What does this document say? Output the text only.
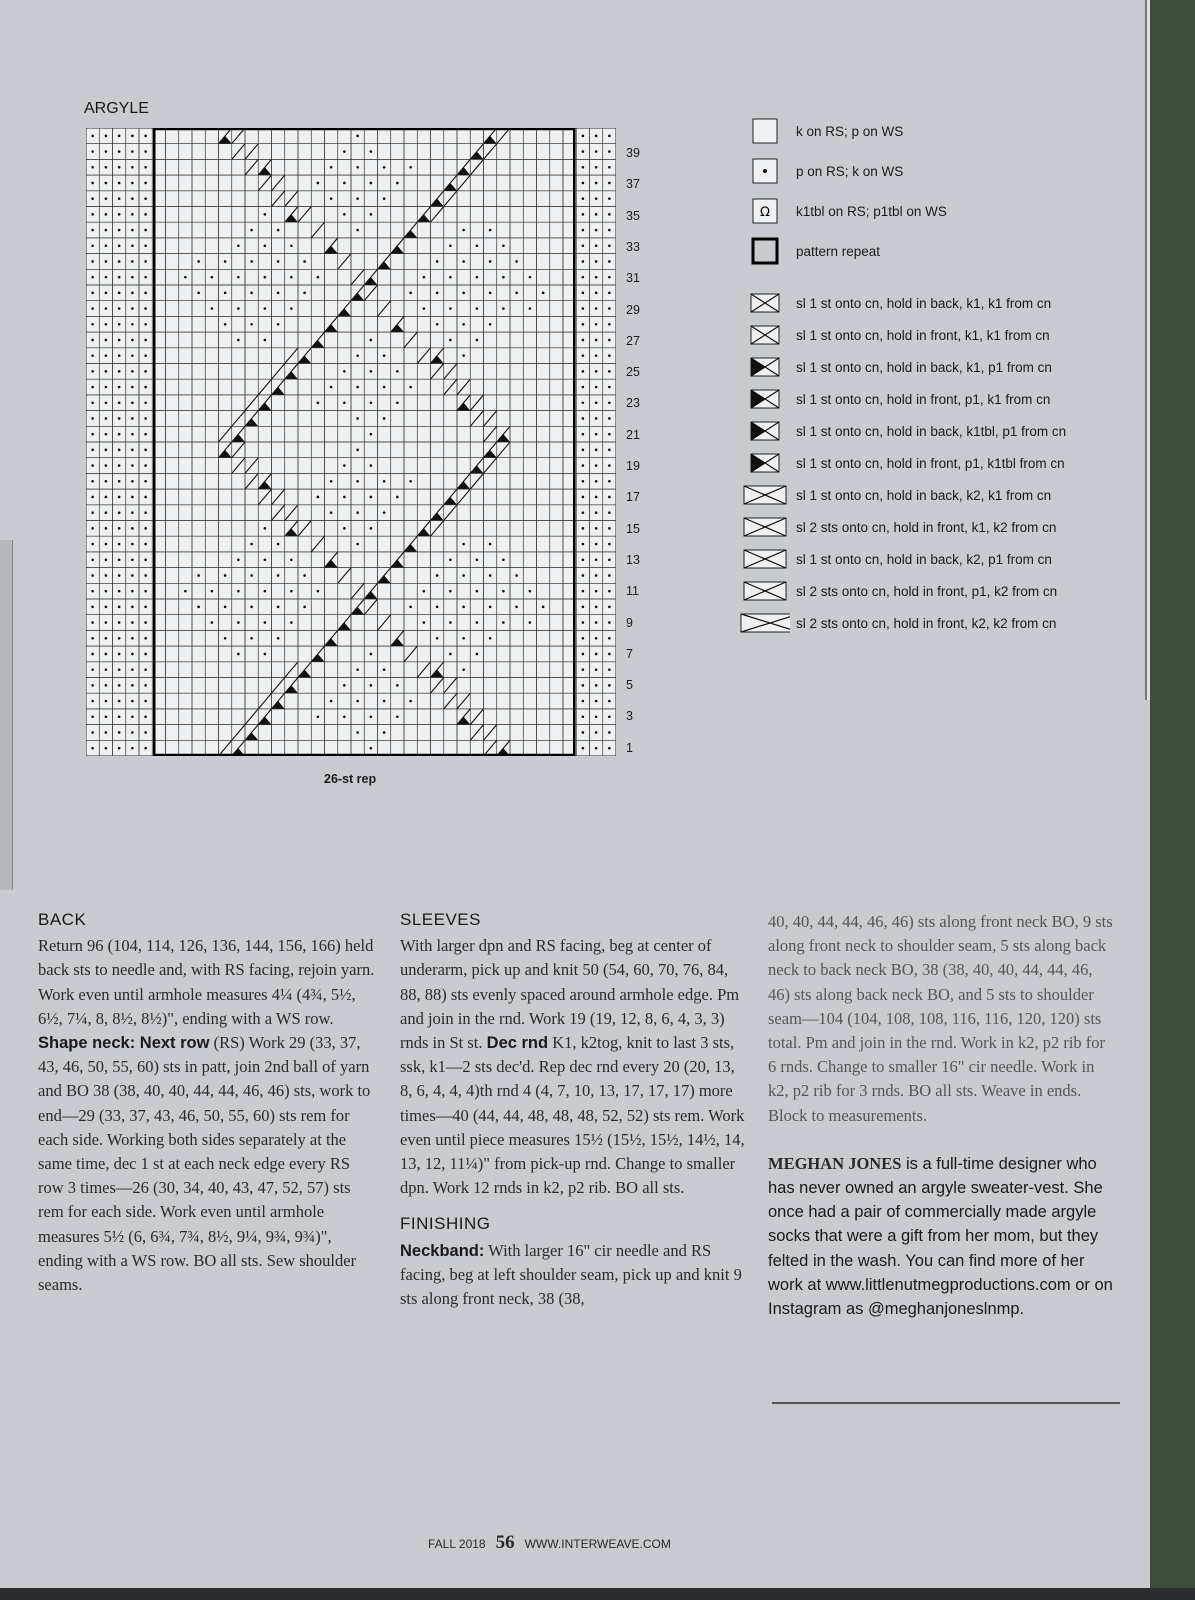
ARGYLE
39
37
35
33
31
29
27
25
23
21
19
17
15
13
11
9
7
5
3
1
26-st rep
k on RS; p on WS
p on RS; k on WS
Ω k1tbl on RS; p1tbl on WS
pattern repeat
sl 1 st onto cn, hold in back, k1, k1 from cn
sl 1 st onto cn, hold in front, k1, k1 from cn
sl 1 st onto cn, hold in back, k1, p1 from cn
sl 1 st onto cn, hold in front, p1, k1 from cn
sl 1 st onto cn, hold in back, k1tbl, p1 from cn
sl 1 st onto cn, hold in front, p1, k1tbl from cn
sl 1 st onto cn, hold in back, k2, k1 from cn
sl 2 sts onto cn, hold in front, k1, k2 from cn
sl 1 st onto cn, hold in back, k2, p1 from cn
sl 2 sts onto cn, hold in front, p1, k2 from cn
sl 2 sts onto cn, hold in front, k2, k2 from cn
BACK

Return 96 (104, 114, 126, 136, 144, 156, 166) held back sts to needle and, with RS facing, rejoin yarn. Work even until armhole measures 4¼ (4¾, 5½, 6½, 7¼, 8, 8½, 8½)", ending with a WS row. Shape neck: Next row (RS) Work 29 (33, 37, 43, 46, 50, 55, 60) sts in patt, join 2nd ball of yarn and BO 38 (38, 40, 40, 44, 44, 46, 46) sts, work to end—29 (33, 37, 43, 46, 50, 55, 60) sts rem for each side. Working both sides separately at the same time, dec 1 st at each neck edge every RS row 3 times—26 (30, 34, 40, 43, 47, 52, 57) sts rem for each side. Work even until armhole measures 5½ (6, 6¾, 7¾, 8½, 9¼, 9¾, 9¾)", ending with a WS row. BO all sts. Sew shoulder seams.

SLEEVES

With larger dpn and RS facing, beg at center of underarm, pick up and knit 50 (54, 60, 70, 76, 84, 88, 88) sts evenly spaced around armhole edge. Pm and join in the rnd. Work 19 (19, 12, 8, 6, 4, 3, 3) rnds in St st. Dec rnd K1, k2tog, knit to last 3 sts, ssk, k1—2 sts dec'd. Rep dec rnd every 20 (20, 13, 8, 6, 4, 4, 4)th rnd 4 (4, 7, 10, 13, 17, 17, 17) more times—40 (44, 44, 48, 48, 48, 52, 52) sts rem. Work even until piece measures 15½ (15½, 15½, 14½, 14, 13, 12, 11¼)" from pick-up rnd. Change to smaller dpn. Work 12 rnds in k2, p2 rib. BO all sts.

FINISHING

Neckband: With larger 16" cir needle and RS facing, beg at left shoulder seam, pick up and knit 9 sts along front neck, 38 (38,

40, 40, 44, 44, 46, 46) sts along front neck BO, 9 sts along front neck to shoulder seam, 5 sts along back neck to back neck BO, 38 (38, 40, 40, 44, 44, 46, 46) sts along back neck BO, and 5 sts to shoulder seam—104 (104, 108, 108, 116, 116, 120, 120) sts total. Pm and join in the rnd. Work in k2, p2 rib for 6 rnds. Change to smaller 16" cir needle. Work in k2, p2 rib for 3 rnds. BO all sts. Weave in ends. Block to measurements.

MEGHAN JONES is a full-time designer who has never owned an argyle sweater-vest. She once had a pair of commercially made argyle socks that were a gift from her mom, but they felted in the wash. You can find more of her work at www.littlenutmegproductions.com or on Instagram as @meghanjoneslnmp.

FALL 2018 56 WWW.INTERWEAVE.COM
